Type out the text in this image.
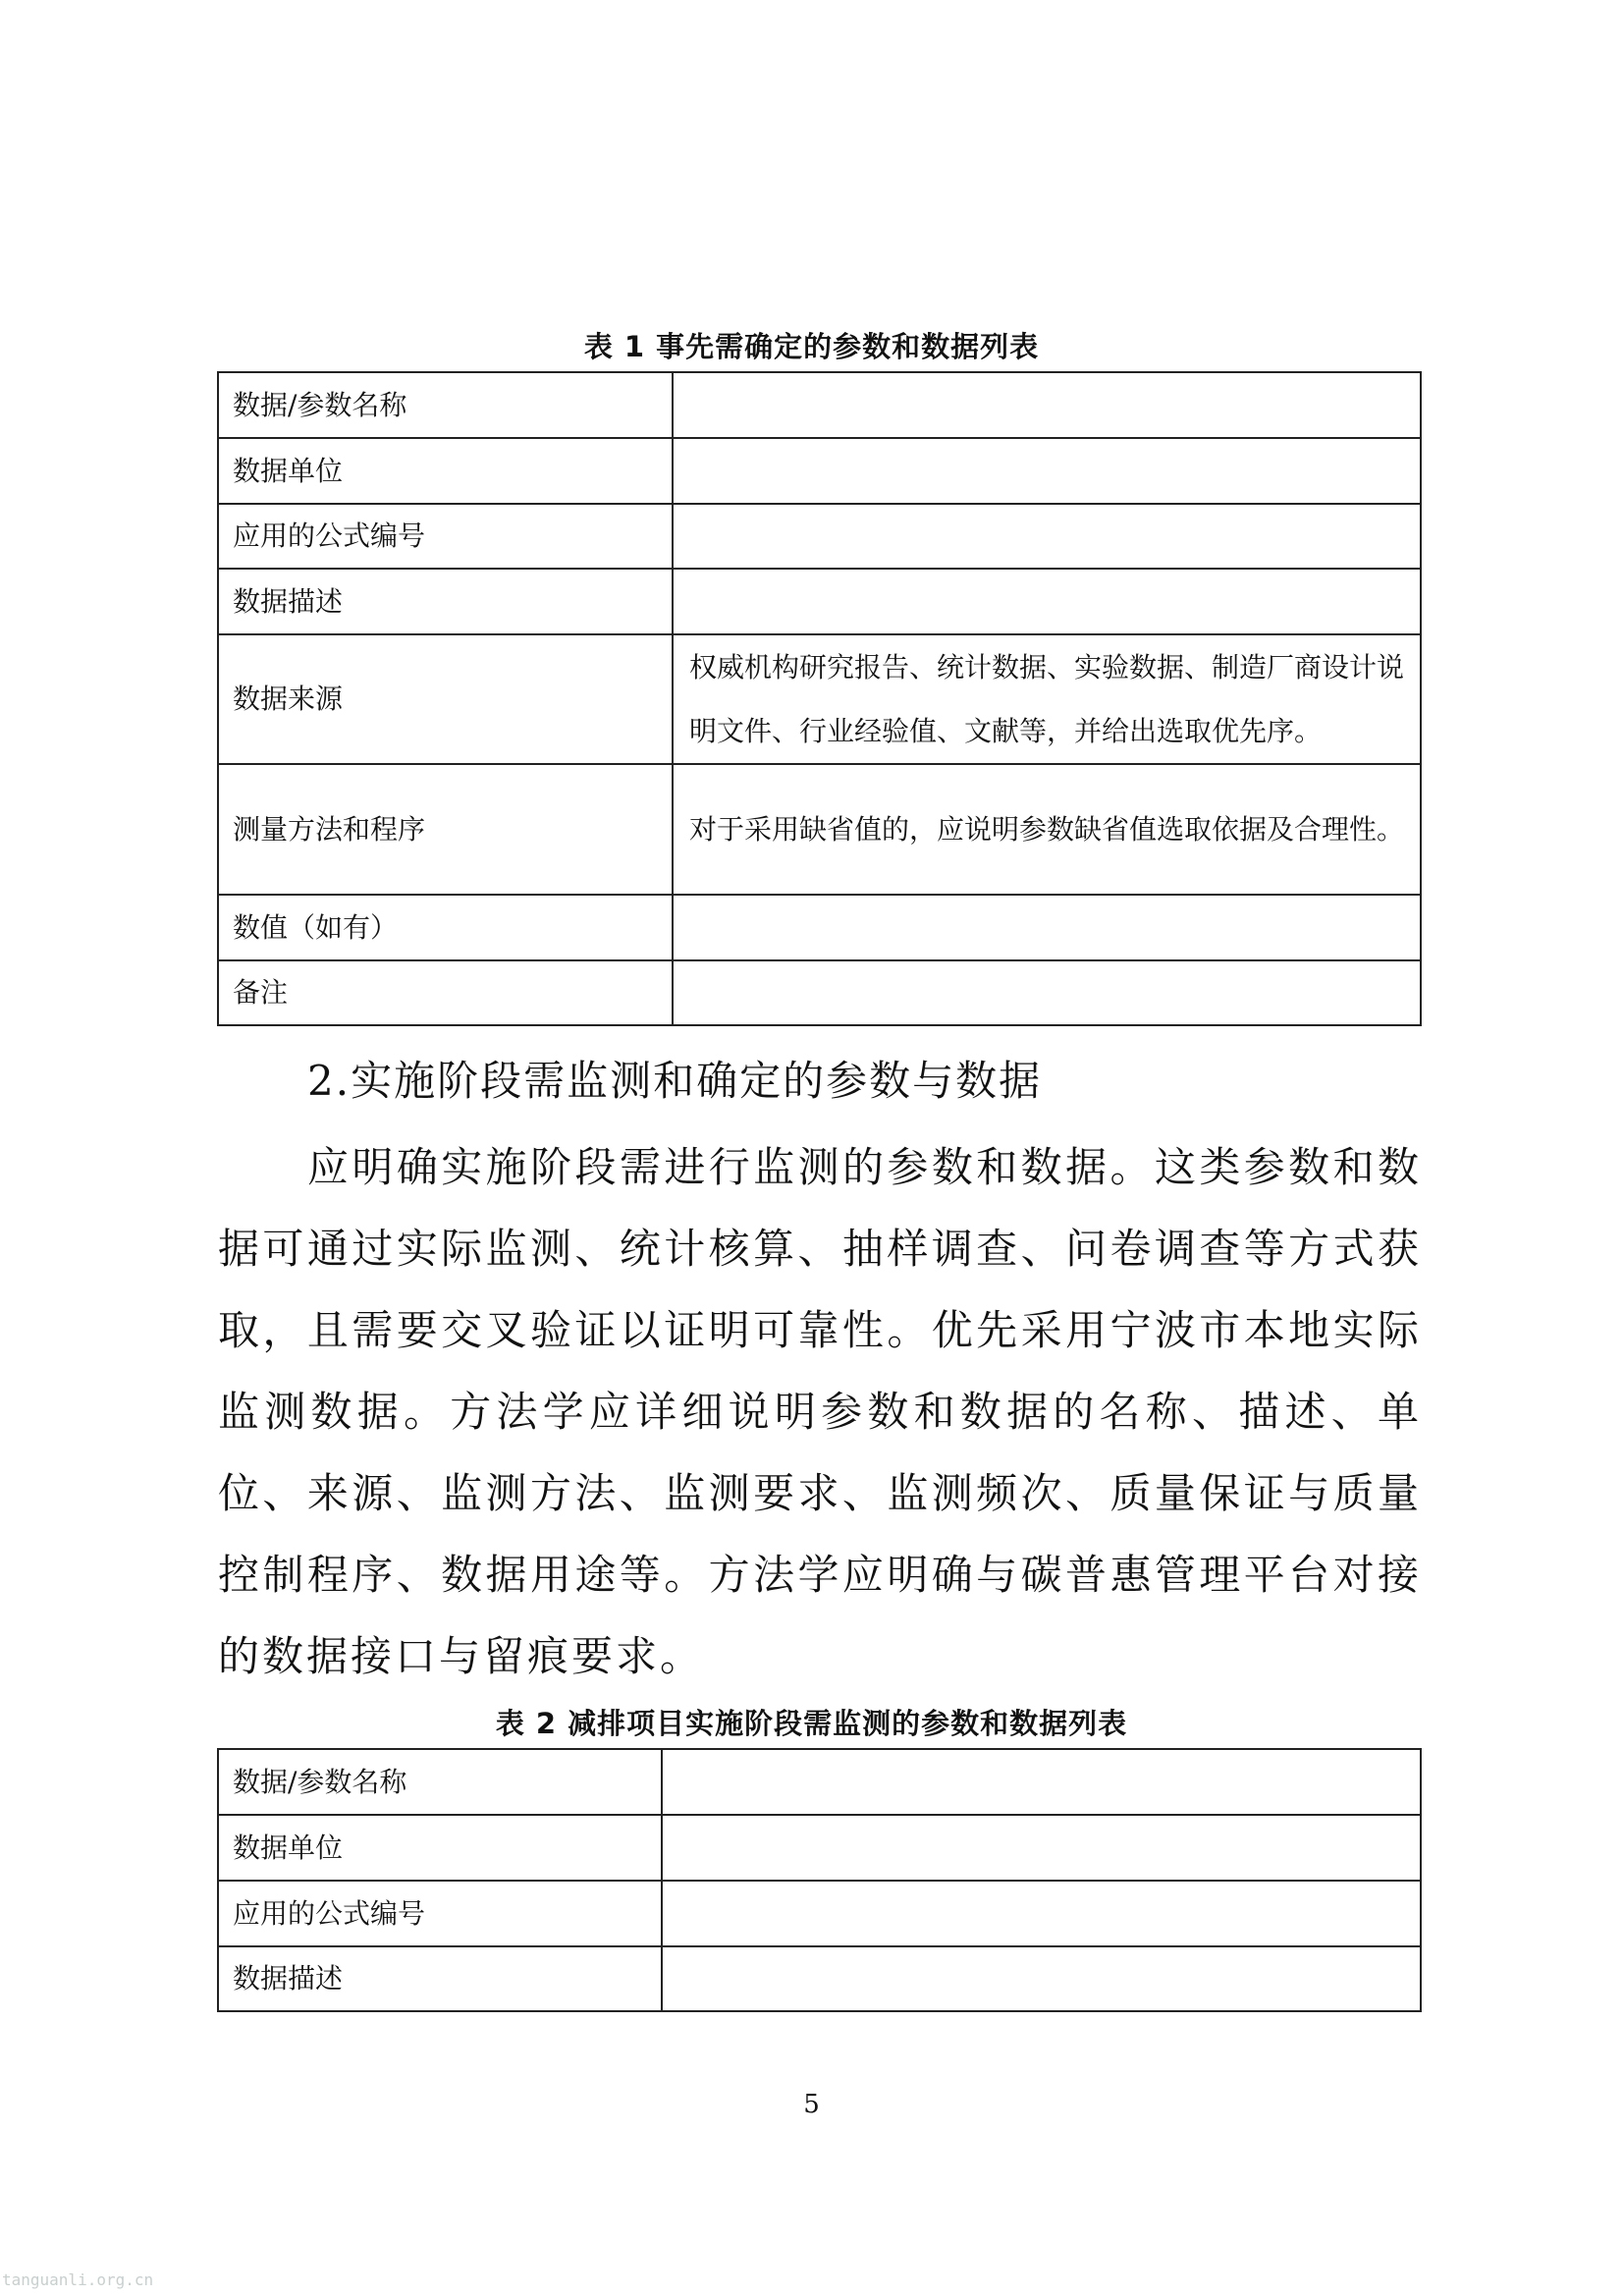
表 1 事先需确定的参数和数据列表
数据/参数名称	
数据单位	
应用的公式编号	
数据描述	
数据来源	权威机构研究报告、统计数据、实验数据、制造厂商设计说明文件、行业经验值、文献等，并给出选取优先序。
测量方法和程序	对于采用缺省值的，应说明参数缺省值选取依据及合理性。
数值（如有）	
备注	
2.实施阶段需监测和确定的参数与数据
应明确实施阶段需进行监测的参数和数据。这类参数和数据可通过实际监测、统计核算、抽样调查、问卷调查等方式获取，且需要交叉验证以证明可靠性。优先采用宁波市本地实际监测数据。方法学应详细说明参数和数据的名称、描述、单位、来源、监测方法、监测要求、监测频次、质量保证与质量控制程序、数据用途等。方法学应明确与碳普惠管理平台对接的数据接口与留痕要求。
表 2 减排项目实施阶段需监测的参数和数据列表
数据/参数名称	
数据单位	
应用的公式编号	
数据描述	
5
tanguanli.org.cn
